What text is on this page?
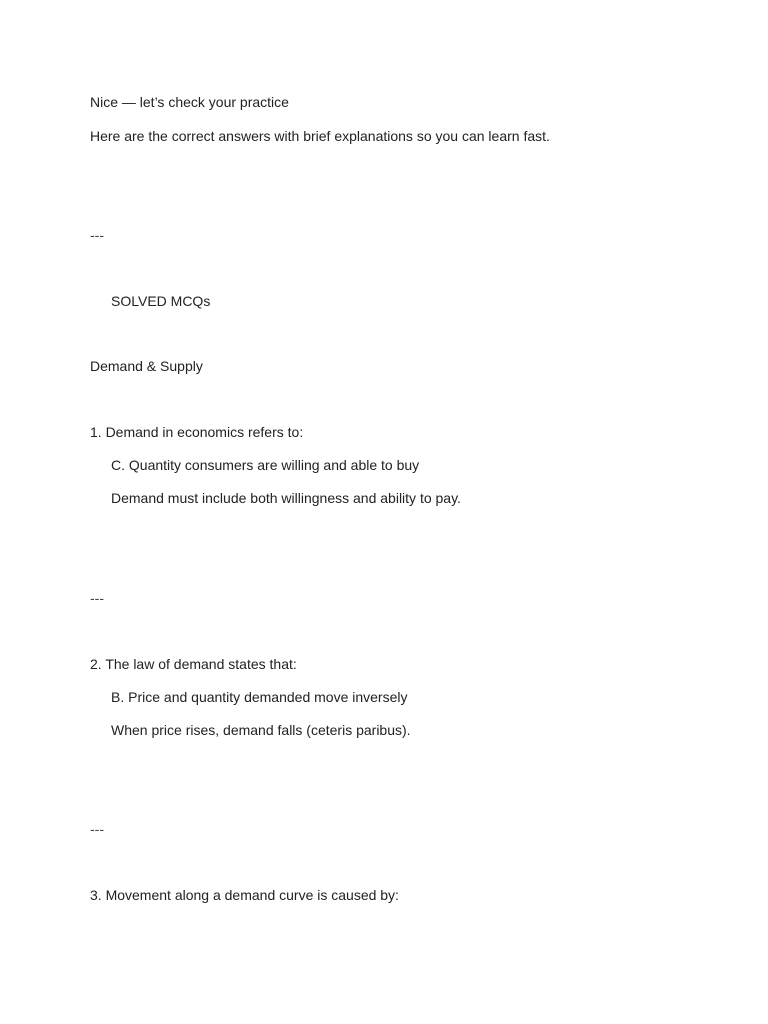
Nice — let’s check your practice
Here are the correct answers with brief explanations so you can learn fast.
---
SOLVED MCQs
Demand & Supply
1. Demand in economics refers to:
C. Quantity consumers are willing and able to buy
Demand must include both willingness and ability to pay.
---
2. The law of demand states that:
B. Price and quantity demanded move inversely
When price rises, demand falls (ceteris paribus).
---
3. Movement along a demand curve is caused by:
